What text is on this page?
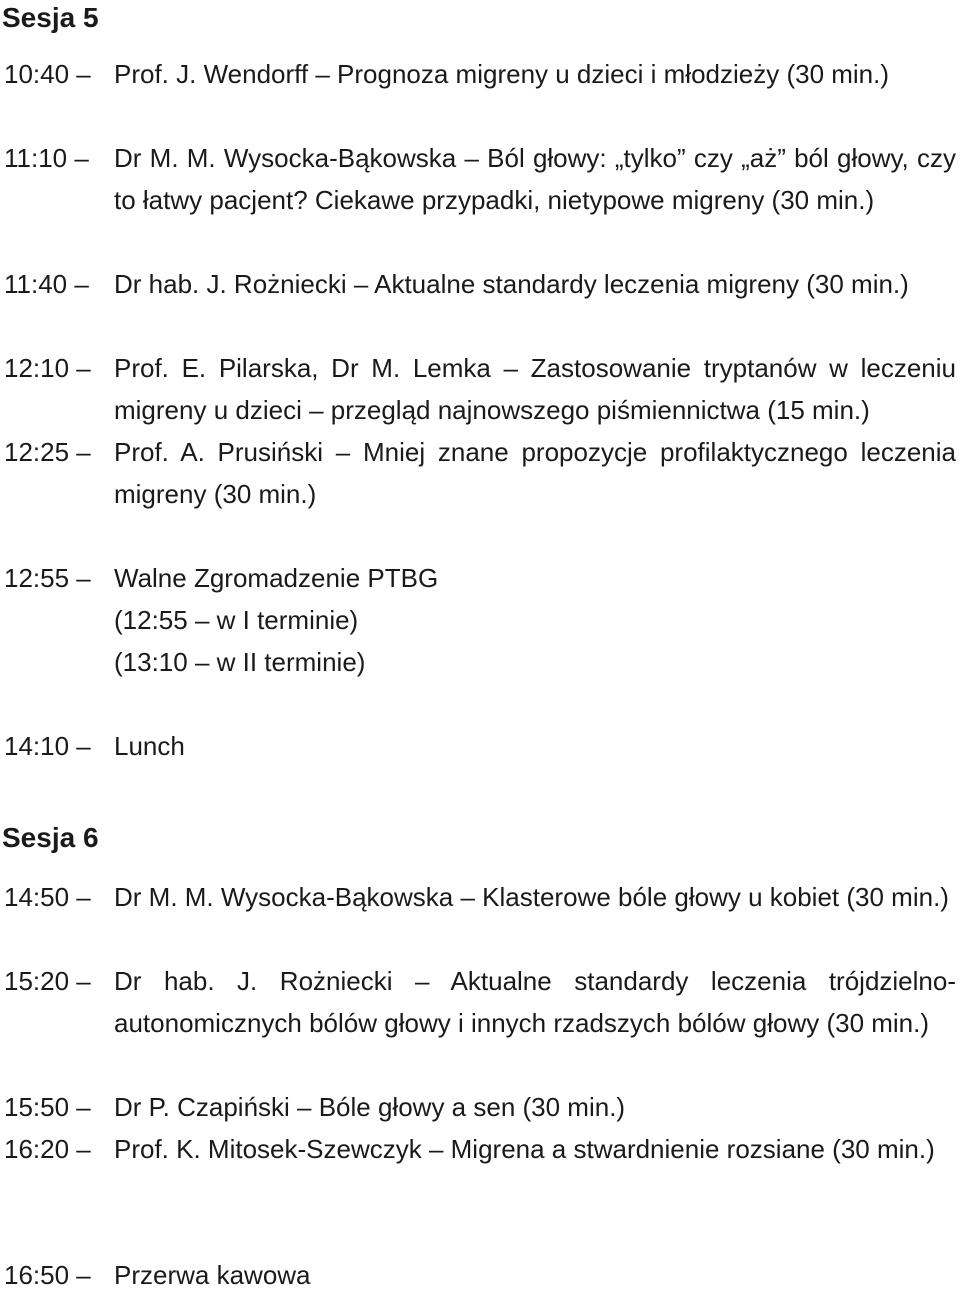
Sesja 5
10:40 – Prof. J. Wendorff – Prognoza migreny u dzieci i młodzieży (30 min.)
11:10 – Dr M. M. Wysocka-Bąkowska – Ból głowy: „tylko” czy „aż” ból głowy, czy to łatwy pacjent? Ciekawe przypadki, nietypowe migreny (30 min.)
11:40 – Dr hab. J. Rożniecki – Aktualne standardy leczenia migreny (30 min.)
12:10 – Prof. E. Pilarska, Dr M. Lemka – Zastosowanie tryptanów w leczeniu migreny u dzieci – przegląd najnowszego piśmiennictwa (15 min.)
12:25 – Prof. A. Prusiński – Mniej znane propozycje profilaktycznego leczenia migreny (30 min.)
12:55 – Walne Zgromadzenie PTBG
(12:55 – w I terminie)
(13:10 – w II terminie)
14:10 – Lunch
Sesja 6
14:50 – Dr M. M. Wysocka-Bąkowska – Klasterowe bóle głowy u kobiet (30 min.)
15:20 – Dr hab. J. Rożniecki – Aktualne standardy leczenia trójdzielno-autonomicznych bólów głowy i innych rzadszych bólów głowy (30 min.)
15:50 – Dr P. Czapiński – Bóle głowy a sen (30 min.)
16:20 – Prof. K. Mitosek-Szewczyk – Migrena a stwardnienie rozsiane (30 min.)
16:50 – Przerwa kawowa
